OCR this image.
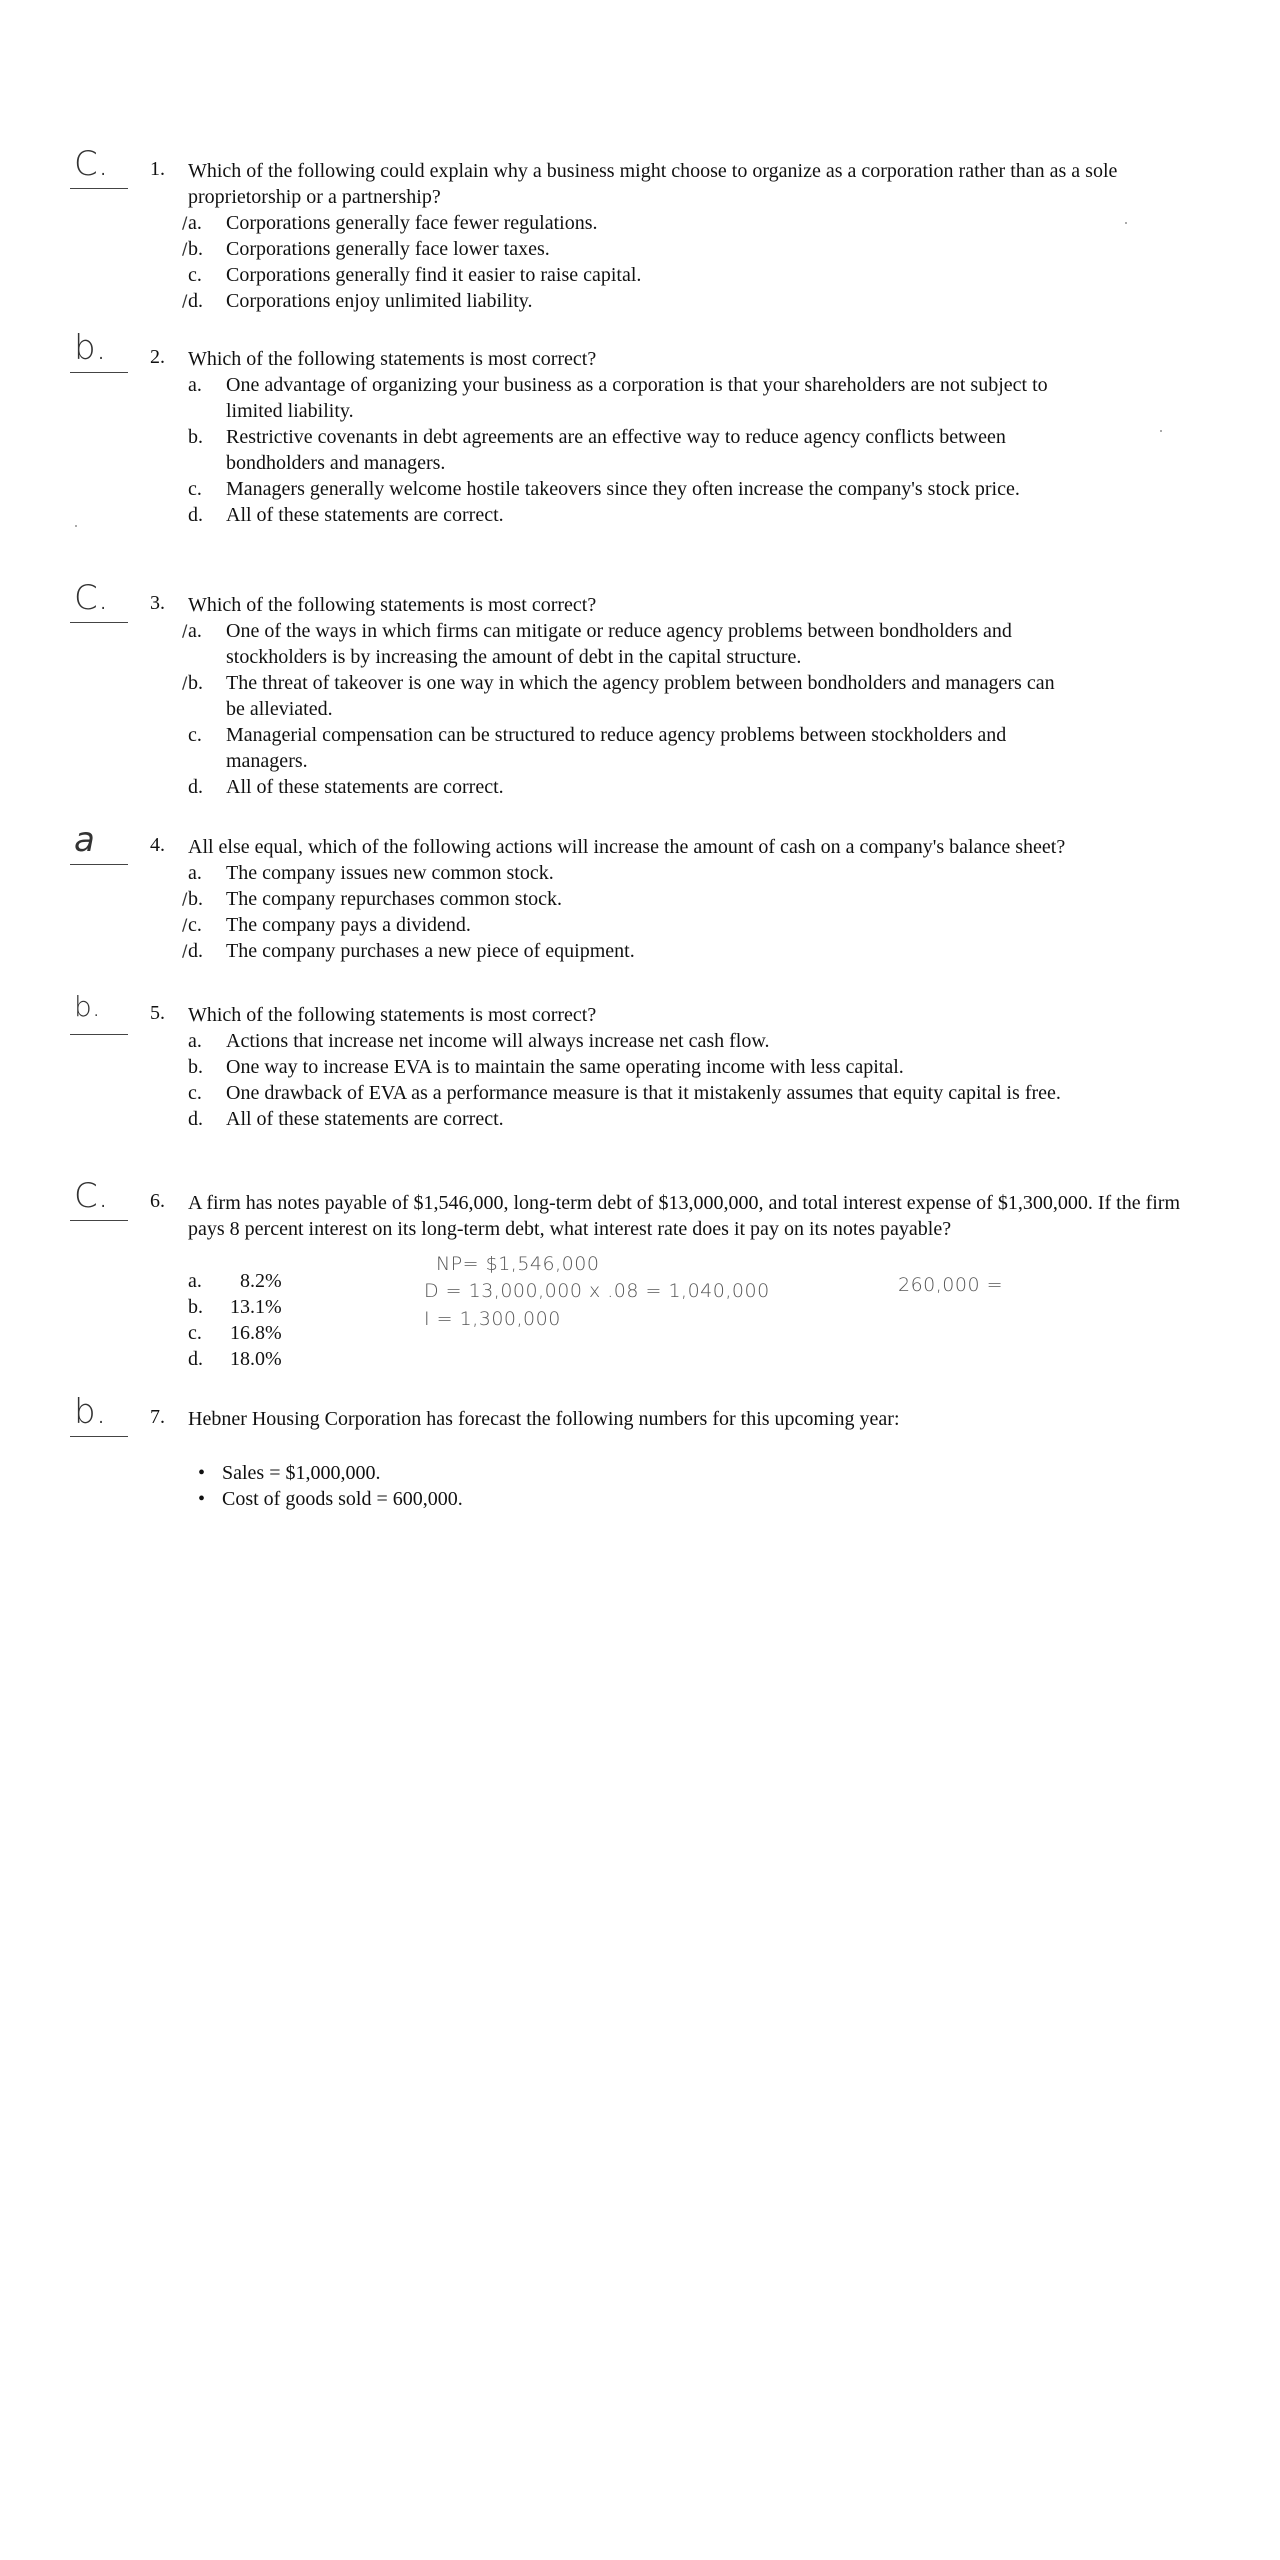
C. 1. Which of the following could explain why a business might choose to organize as a corporation rather than as a sole proprietorship or a partnership?
/ a.	Corporations generally face fewer regulations.
/ b.	Corporations generally face lower taxes.
c.	Corporations generally find it easier to raise capital.
/ d.	Corporations enjoy unlimited liability.
b. 2. Which of the following statements is most correct?
a.	One advantage of organizing your business as a corporation is that your shareholders are not subject to limited liability.
b.	Restrictive covenants in debt agreements are an effective way to reduce agency conflicts between bondholders and managers.
c.	Managers generally welcome hostile takeovers since they often increase the company's stock price.
d.	All of these statements are correct.
C. 3. Which of the following statements is most correct?
/ a.	One of the ways in which firms can mitigate or reduce agency problems between bondholders and stockholders is by increasing the amount of debt in the capital structure.
/ b.	The threat of takeover is one way in which the agency problem between bondholders and managers can be alleviated.
c.	Managerial compensation can be structured to reduce agency problems between stockholders and managers.
d.	All of these statements are correct.
a	4. All else equal, which of the following actions will increase the amount of cash on a company's balance sheet?
a.	The company issues new common stock.
/ b.	The company repurchases common stock.
/ c.	The company pays a dividend.
/ d.	The company purchases a new piece of equipment.
b. 5. Which of the following statements is most correct?
a.	Actions that increase net income will always increase net cash flow.
b.	One way to increase EVA is to maintain the same operating income with less capital.
c.	One drawback of EVA as a performance measure is that it mistakenly assumes that equity capital is free.
d.	All of these statements are correct.
C. 6. A firm has notes payable of $1,546,000, long-term debt of $13,000,000, and total interest expense of $1,300,000. If the firm pays 8 percent interest on its long-term debt, what interest rate does it pay on its notes payable?
a.	8.2%
b.	13.1%
c.	16.8%
d.	18.0%
NP= $1,546,000
D = 13,000,000 x .08 = 1,040,000
I = 1,300,000
260,000 =
b. 7. Hebner Housing Corporation has forecast the following numbers for this upcoming year:
• Sales = $1,000,000.
• Cost of goods sold = 600,000.
